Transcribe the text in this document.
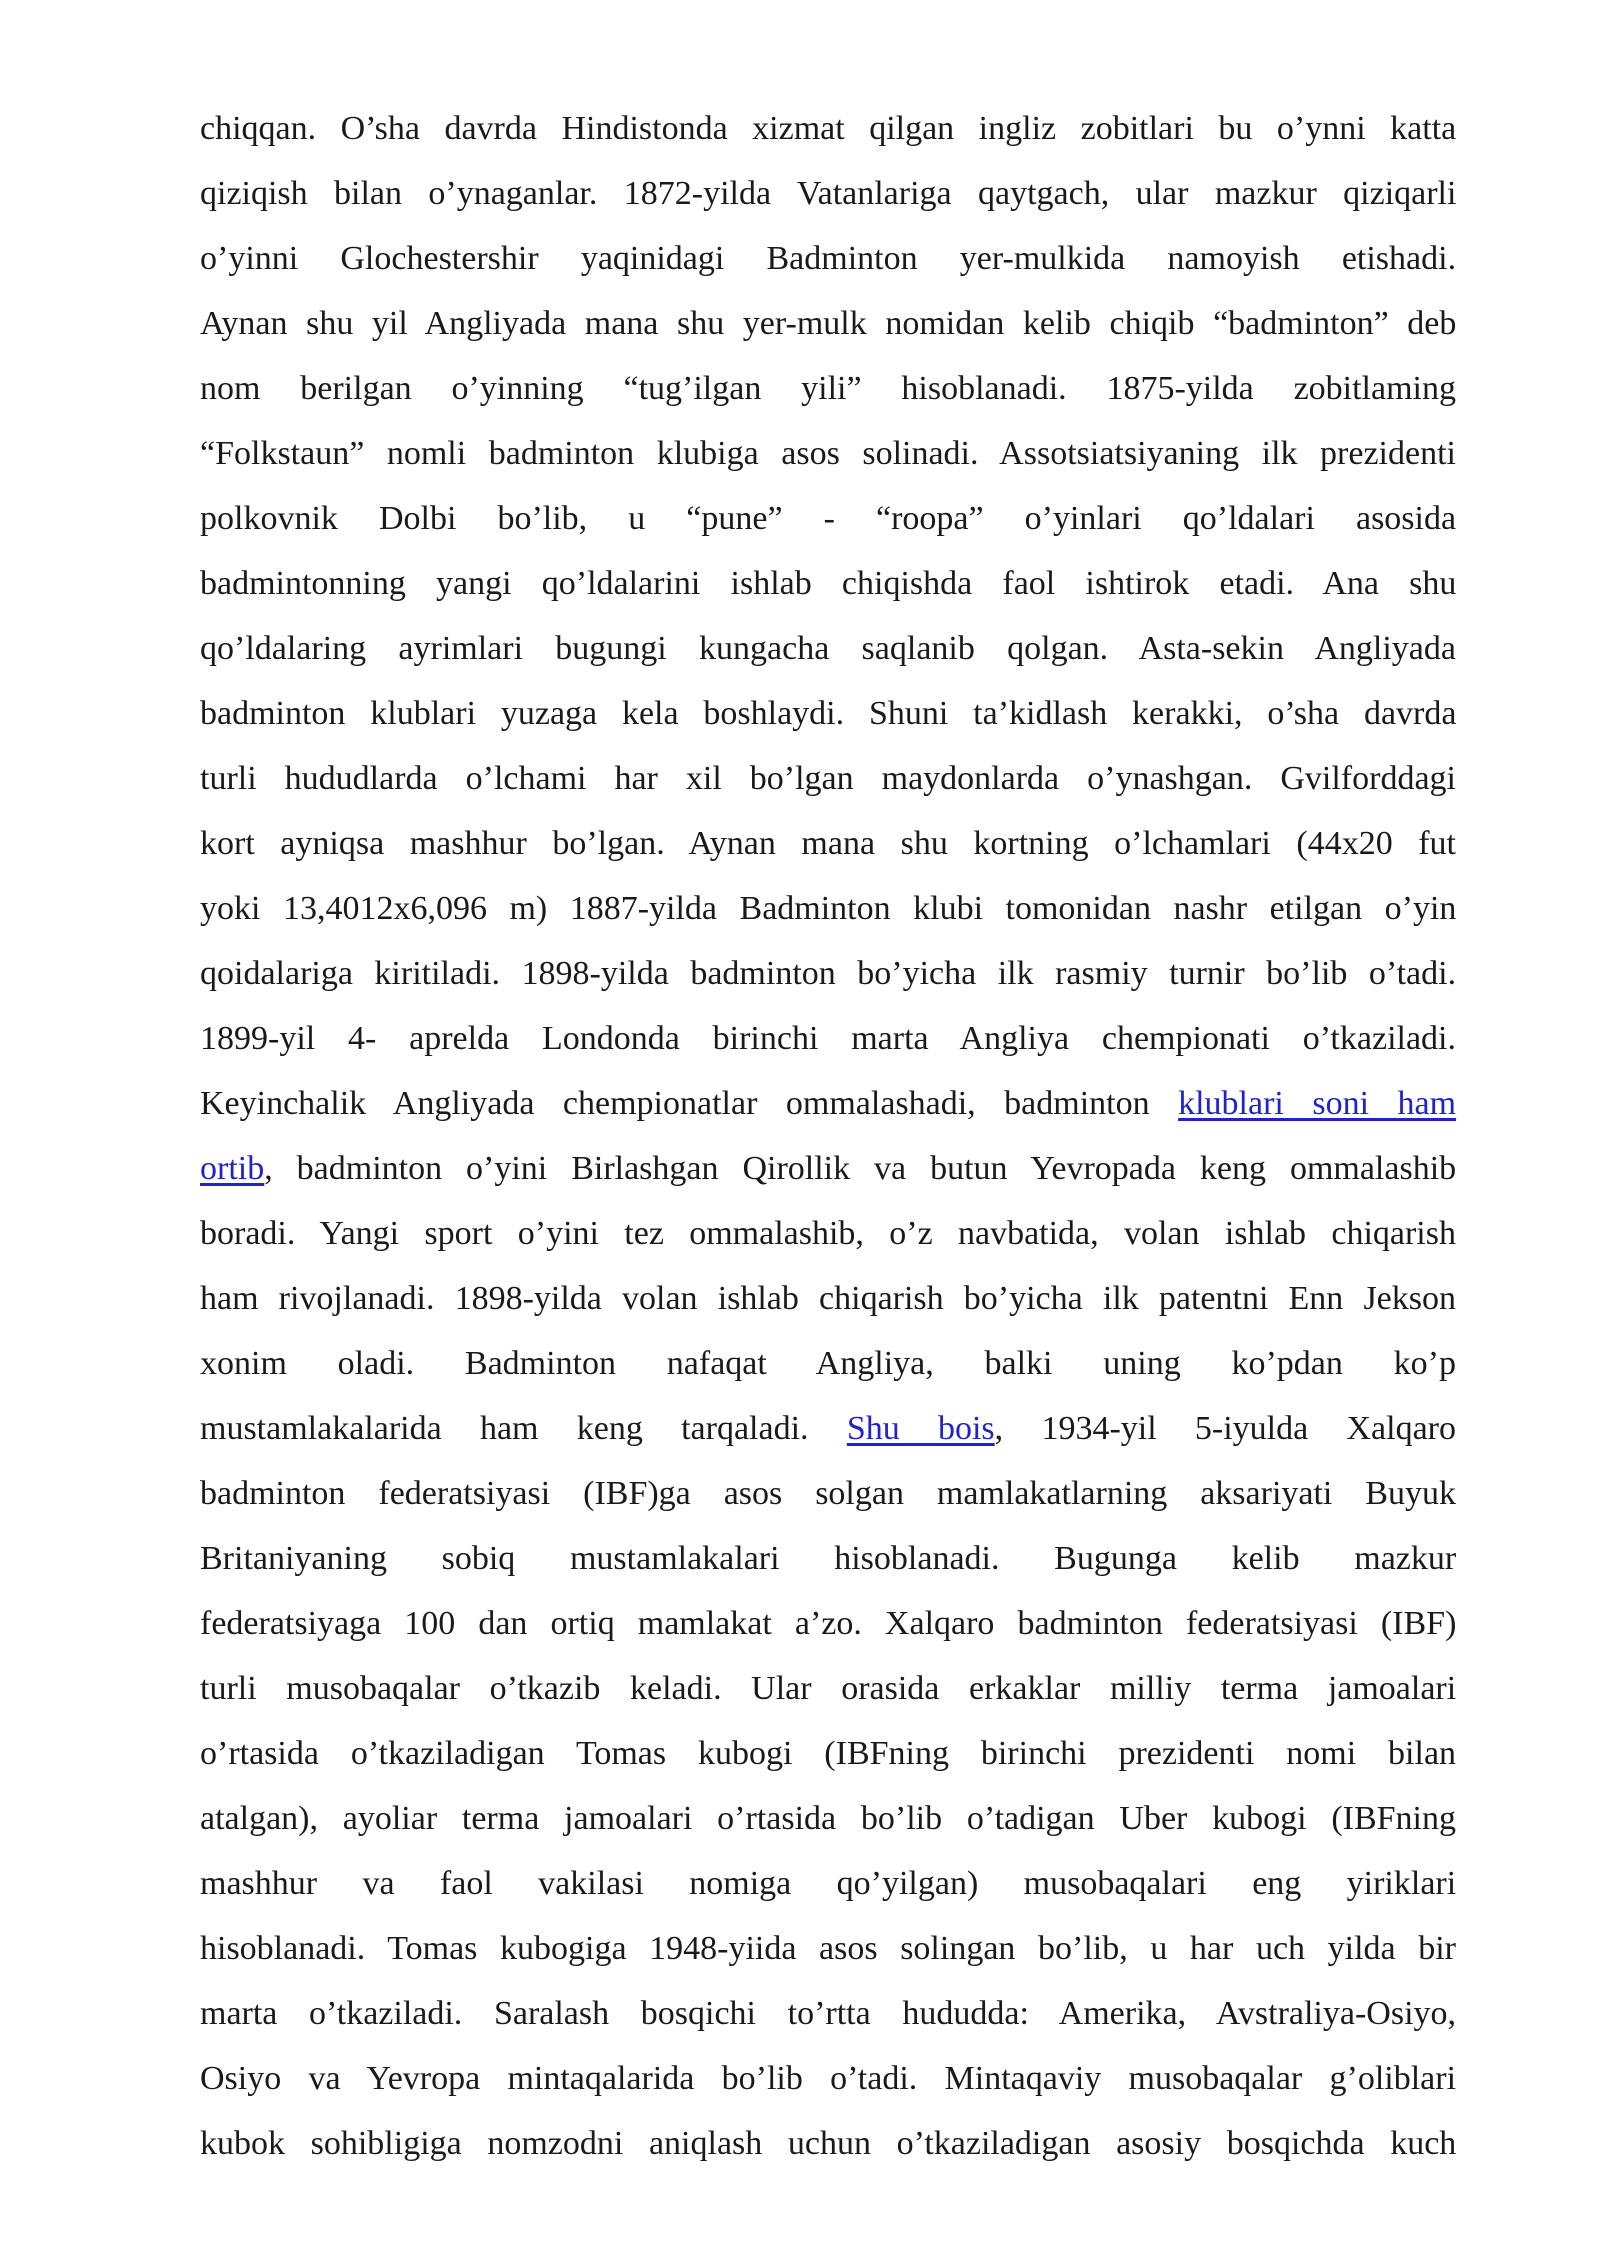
chiqqan. O’sha davrda Hindistonda xizmat qilgan ingliz zobitlari bu o’ynni katta
qiziqish bilan o’ynaganlar. 1872-yilda Vatanlariga qaytgach, ular mazkur qiziqarli
o’yinni Glochestershir yaqinidagi Badminton yer-mulkida namoyish etishadi.
Aynan shu yil Angliyada mana shu yer-mulk nomidan kelib chiqib “badminton” deb
nom berilgan o’yinning “tug’ilgan yili” hisoblanadi. 1875-yilda zobitlaming
“Folkstaun” nomli badminton klubiga asos solinadi. Assotsiatsiyaning ilk prezidenti
polkovnik Dolbi bo’lib, u “pune” - “roopa” o’yinlari qo’ldalari asosida
badmintonning yangi qo’ldalarini ishlab chiqishda faol ishtirok etadi. Ana shu
qo’ldalaring ayrimlari bugungi kungacha saqlanib qolgan. Asta-sekin Angliyada
badminton klublari yuzaga kela boshlaydi. Shuni ta’kidlash kerakki, o’sha davrda
turli hududlarda o’lchami har xil bo’lgan maydonlarda o’ynashgan. Gvilforddagi
kort ayniqsa mashhur bo’lgan. Aynan mana shu kortning o’lchamlari (44x20 fut
yoki 13,4012x6,096 m) 1887-yilda Badminton klubi tomonidan nashr etilgan o’yin
qoidalariga kiritiladi. 1898-yilda badminton bo’yicha ilk rasmiy turnir bo’lib o’tadi.
1899-yil 4- aprelda Londonda birinchi marta Angliya chempionati o’tkaziladi.
Keyinchalik Angliyada chempionatlar ommalashadi, badminton klublari soni ham
ortib, badminton o’yini Birlashgan Qirollik va butun Yevropada keng ommalashib
boradi. Yangi sport o’yini tez ommalashib, o’z navbatida, volan ishlab chiqarish
ham rivojlanadi. 1898-yilda volan ishlab chiqarish bo’yicha ilk patentni Enn Jekson
xonim oladi. Badminton nafaqat Angliya, balki uning ko’pdan ko’p
mustamlakalarida ham keng tarqaladi. Shu bois, 1934-yil 5-iyulda Xalqaro
badminton federatsiyasi (IBF)ga asos solgan mamlakatlarning aksariyati Buyuk
Britaniyaning sobiq mustamlakalari hisoblanadi. Bugunga kelib mazkur
federatsiyaga 100 dan ortiq mamlakat a’zo. Xalqaro badminton federatsiyasi (IBF)
turli musobaqalar o’tkazib keladi. Ular orasida erkaklar milliy terma jamoalari
o’rtasida o’tkaziladigan Tomas kubogi (IBFning birinchi prezidenti nomi bilan
atalgan), ayoliar terma jamoalari o’rtasida bo’lib o’tadigan Uber kubogi (IBFning
mashhur va faol vakilasi nomiga qo’yilgan) musobaqalari eng yiriklari
hisoblanadi. Tomas kubogiga 1948-yiida asos solingan bo’lib, u har uch yilda bir
marta o’tkaziladi. Saralash bosqichi to’rtta hududda: Amerika, Avstraliya-Osiyo,
Osiyo va Yevropa mintaqalarida bo’lib o’tadi. Mintaqaviy musobaqalar g’oliblari
kubok sohibligiga nomzodni aniqlash uchun o’tkaziladigan asosiy bosqichda kuch
